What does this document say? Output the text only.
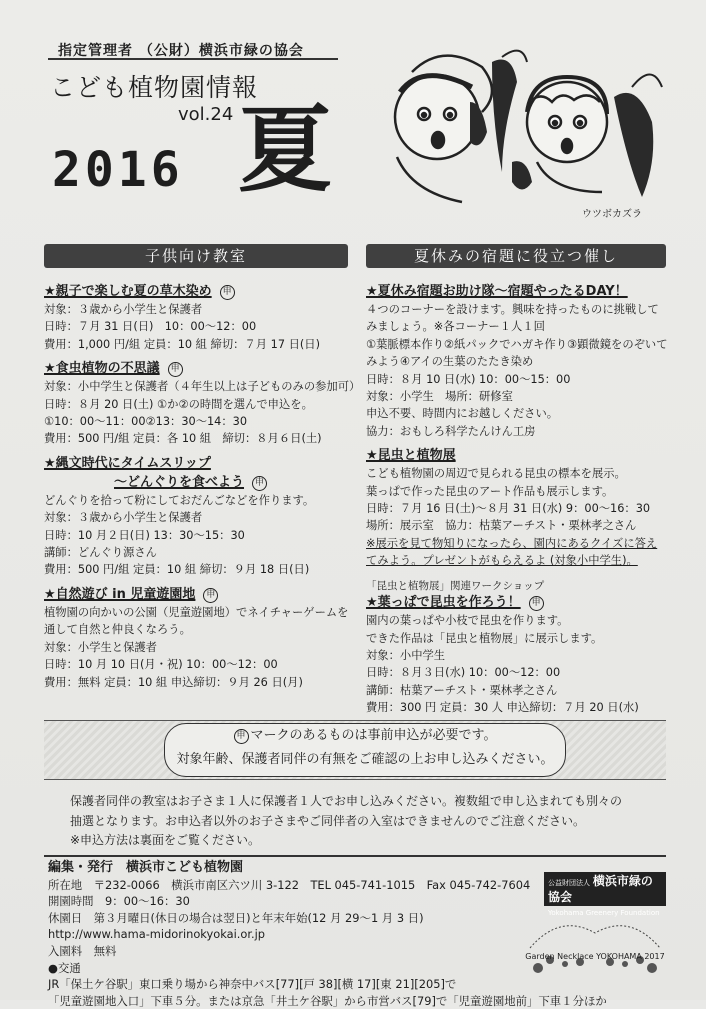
指定管理者 （公財）横浜市緑の協会
こども植物園情報
vol.24
2016 夏
ウツボカズラ
子供向け教室	夏休みの宿題に役立つ催し
★親子で楽しむ夏の草木染め 申
対象：３歳から小学生と保護者
日時：７月 31 日(日)　10：00～12：00
費用：1,000 円/組 定員：10 組 締切：７月 17 日(日)
★食虫植物の不思議 申
対象：小中学生と保護者（４年生以上は子どものみの参加可）
日時：８月 20 日(土) ①か②の時間を選んで申込を。
①10：00～11：00②13：30～14：30
費用：500 円/組 定員：各 10 組　締切：８月６日(土)
★縄文時代にタイムスリップ
～どんぐりを食べよう 申
どんぐりを拾って粉にしておだんごなどを作ります。
対象：３歳から小学生と保護者
日時：10 月２日(日) 13：30～15：30
講師：どんぐり源さん
費用：500 円/組 定員：10 組 締切：９月 18 日(日)
★自然遊び in 児童遊園地 申
植物園の向かいの公園（児童遊園地）でネイチャーゲームを通して自然と仲良くなろう。
対象：小学生と保護者
日時：10 月 10 日(月・祝) 10：00～12：00
費用：無料 定員：10 組 申込締切：９月 26 日(月)
★夏休み宿題お助け隊～宿題やったるDAY！
４つのコーナーを設けます。興味を持ったものに挑戦してみましょう。※各コーナー１人１回
①葉脈標本作り②紙パックでハガキ作り③顕微鏡をのぞいてみよう④アイの生葉のたたき染め
日時：８月 10 日(水) 10：00～15：00
対象：小学生　場所：研修室
申込不要、時間内にお越しください。
協力：おもしろ科学たんけん工房
★昆虫と植物展
こども植物園の周辺で見られる昆虫の標本を展示。
葉っぱで作った昆虫のアート作品も展示します。
日時：７月 16 日(土)～８月 31 日(水) 9：00～16：30
場所：展示室　協力：枯葉アーチスト・栗林孝之さん
※展示を見て物知りになったら、園内にあるクイズに答えてみよう。プレゼントがもらえるよ (対象小中学生)。
「昆虫と植物展」関連ワークショップ
★葉っぱで昆虫を作ろう！ 申
園内の葉っぱや小枝で昆虫を作ります。
できた作品は「昆虫と植物展」に展示します。
対象：小中学生
日時：８月３日(水) 10：00～12：00
講師：枯葉アーチスト・栗林孝之さん
費用：300 円 定員：30 人 申込締切：７月 20 日(水)
申 マークのあるものは事前申込が必要です。
対象年齢、保護者同伴の有無をご確認の上お申し込みください。
保護者同伴の教室はお子さま１人に保護者１人でお申し込みください。複数組で申し込まれても別々の
抽選となります。お申込者以外のお子さまやご同伴者の入室はできませんのでご注意ください。
※申込方法は裏面をご覧ください。
編集・発行　横浜市こども植物園
所在地　〒232-0066　横浜市南区六ツ川 3-122　 TEL 045-741-1015　 Fax 045-742-7604
開園時間　9：00～16：30
休園日　第３月曜日(休日の場合は翌日)と年末年始(12 月 29～1 月 3 日)
http://www.hama-midorinokyokai.or.jp
入園料　無料
●交通
JR「保土ケ谷駅」東口乗り場から神奈中バス[77][戸 38][横 17][東 21][205]で
「児童遊園地入口」下車５分。または京急「井土ケ谷駅」から市営バス[79]で「児童遊園地前」下車１分ほか
公益財団法人 横浜市緑の協会
Yokohama Greenery Foundation
Garden Necklace YOKOHAMA 2017
